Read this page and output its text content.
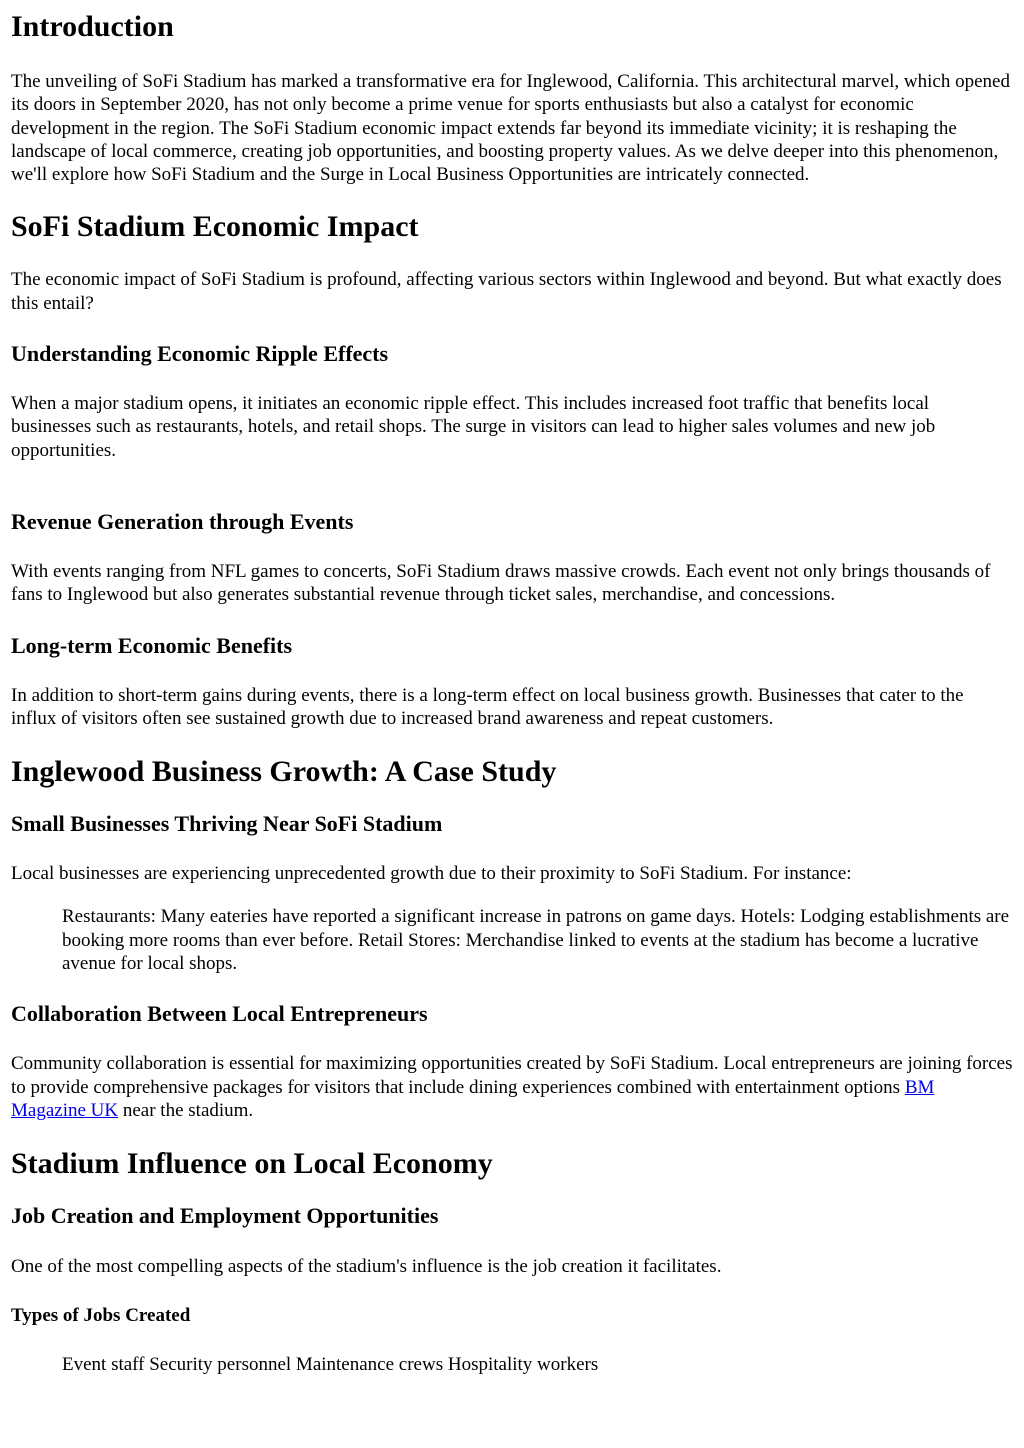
Introduction

The unveiling of SoFi Stadium has marked a transformative era for Inglewood, California. This architectural marvel, which opened its doors in September 2020, has not only become a prime venue for sports enthusiasts but also a catalyst for economic development in the region. The SoFi Stadium economic impact extends far beyond its immediate vicinity; it is reshaping the landscape of local commerce, creating job opportunities, and boosting property values. As we delve deeper into this phenomenon, we'll explore how SoFi Stadium and the Surge in Local Business Opportunities are intricately connected.

SoFi Stadium Economic Impact

The economic impact of SoFi Stadium is profound, affecting various sectors within Inglewood and beyond. But what exactly does this entail?

Understanding Economic Ripple Effects

When a major stadium opens, it initiates an economic ripple effect. This includes increased foot traffic that benefits local businesses such as restaurants, hotels, and retail shops. The surge in visitors can lead to higher sales volumes and new job opportunities.

Revenue Generation through Events

With events ranging from NFL games to concerts, SoFi Stadium draws massive crowds. Each event not only brings thousands of fans to Inglewood but also generates substantial revenue through ticket sales, merchandise, and concessions.

Long-term Economic Benefits

In addition to short-term gains during events, there is a long-term effect on local business growth. Businesses that cater to the influx of visitors often see sustained growth due to increased brand awareness and repeat customers.

Inglewood Business Growth: A Case Study
Small Businesses Thriving Near SoFi Stadium

Local businesses are experiencing unprecedented growth due to their proximity to SoFi Stadium. For instance:

Restaurants: Many eateries have reported a significant increase in patrons on game days. Hotels: Lodging establishments are booking more rooms than ever before. Retail Stores: Merchandise linked to events at the stadium has become a lucrative avenue for local shops.
Collaboration Between Local Entrepreneurs

Community collaboration is essential for maximizing opportunities created by SoFi Stadium. Local entrepreneurs are joining forces to provide comprehensive packages for visitors that include dining experiences combined with entertainment options BM Magazine UK near the stadium.

Stadium Influence on Local Economy
Job Creation and Employment Opportunities

One of the most compelling aspects of the stadium's influence is the job creation it facilitates.

Types of Jobs Created
Event staff Security personnel Maintenance crews Hospitality workers
